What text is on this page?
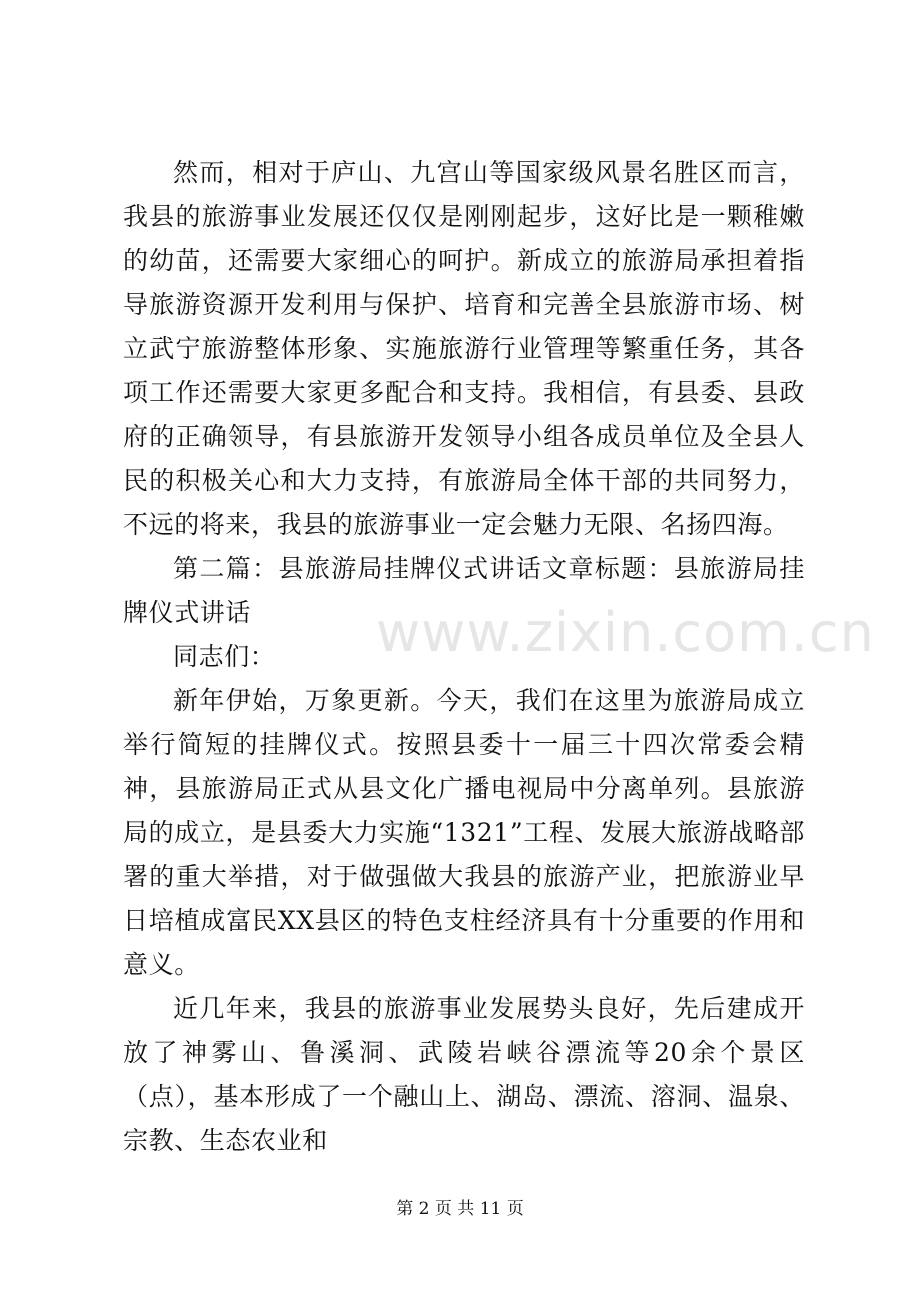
然而，相对于庐山、九宫山等国家级风景名胜区而言，我县的旅游事业发展还仅仅是刚刚起步，这好比是一颗稚嫩的幼苗，还需要大家细心的呵护。新成立的旅游局承担着指导旅游资源开发利用与保护、培育和完善全县旅游市场、树立武宁旅游整体形象、实施旅游行业管理等繁重任务，其各项工作还需要大家更多配合和支持。我相信，有县委、县政府的正确领导，有县旅游开发领导小组各成员单位及全县人民的积极关心和大力支持，有旅游局全体干部的共同努力，不远的将来，我县的旅游事业一定会魅力无限、名扬四海。

第二篇：县旅游局挂牌仪式讲话文章标题：县旅游局挂牌仪式讲话

同志们：

新年伊始，万象更新。今天，我们在这里为旅游局成立举行简短的挂牌仪式。按照县委十一届三十四次常委会精神，县旅游局正式从县文化广播电视局中分离单列。县旅游局的成立，是县委大力实施“1321”工程、发展大旅游战略部署的重大举措，对于做强做大我县的旅游产业，把旅游业早日培植成富民XX县区的特色支柱经济具有十分重要的作用和意义。

近几年来，我县的旅游事业发展势头良好，先后建成开放了神雾山、鲁溪洞、武陵岩峡谷漂流等20余个景区（点），基本形成了一个融山上、湖岛、漂流、溶洞、温泉、宗教、生态农业和

www.zixin.com.cn
第 2 页 共 11 页
